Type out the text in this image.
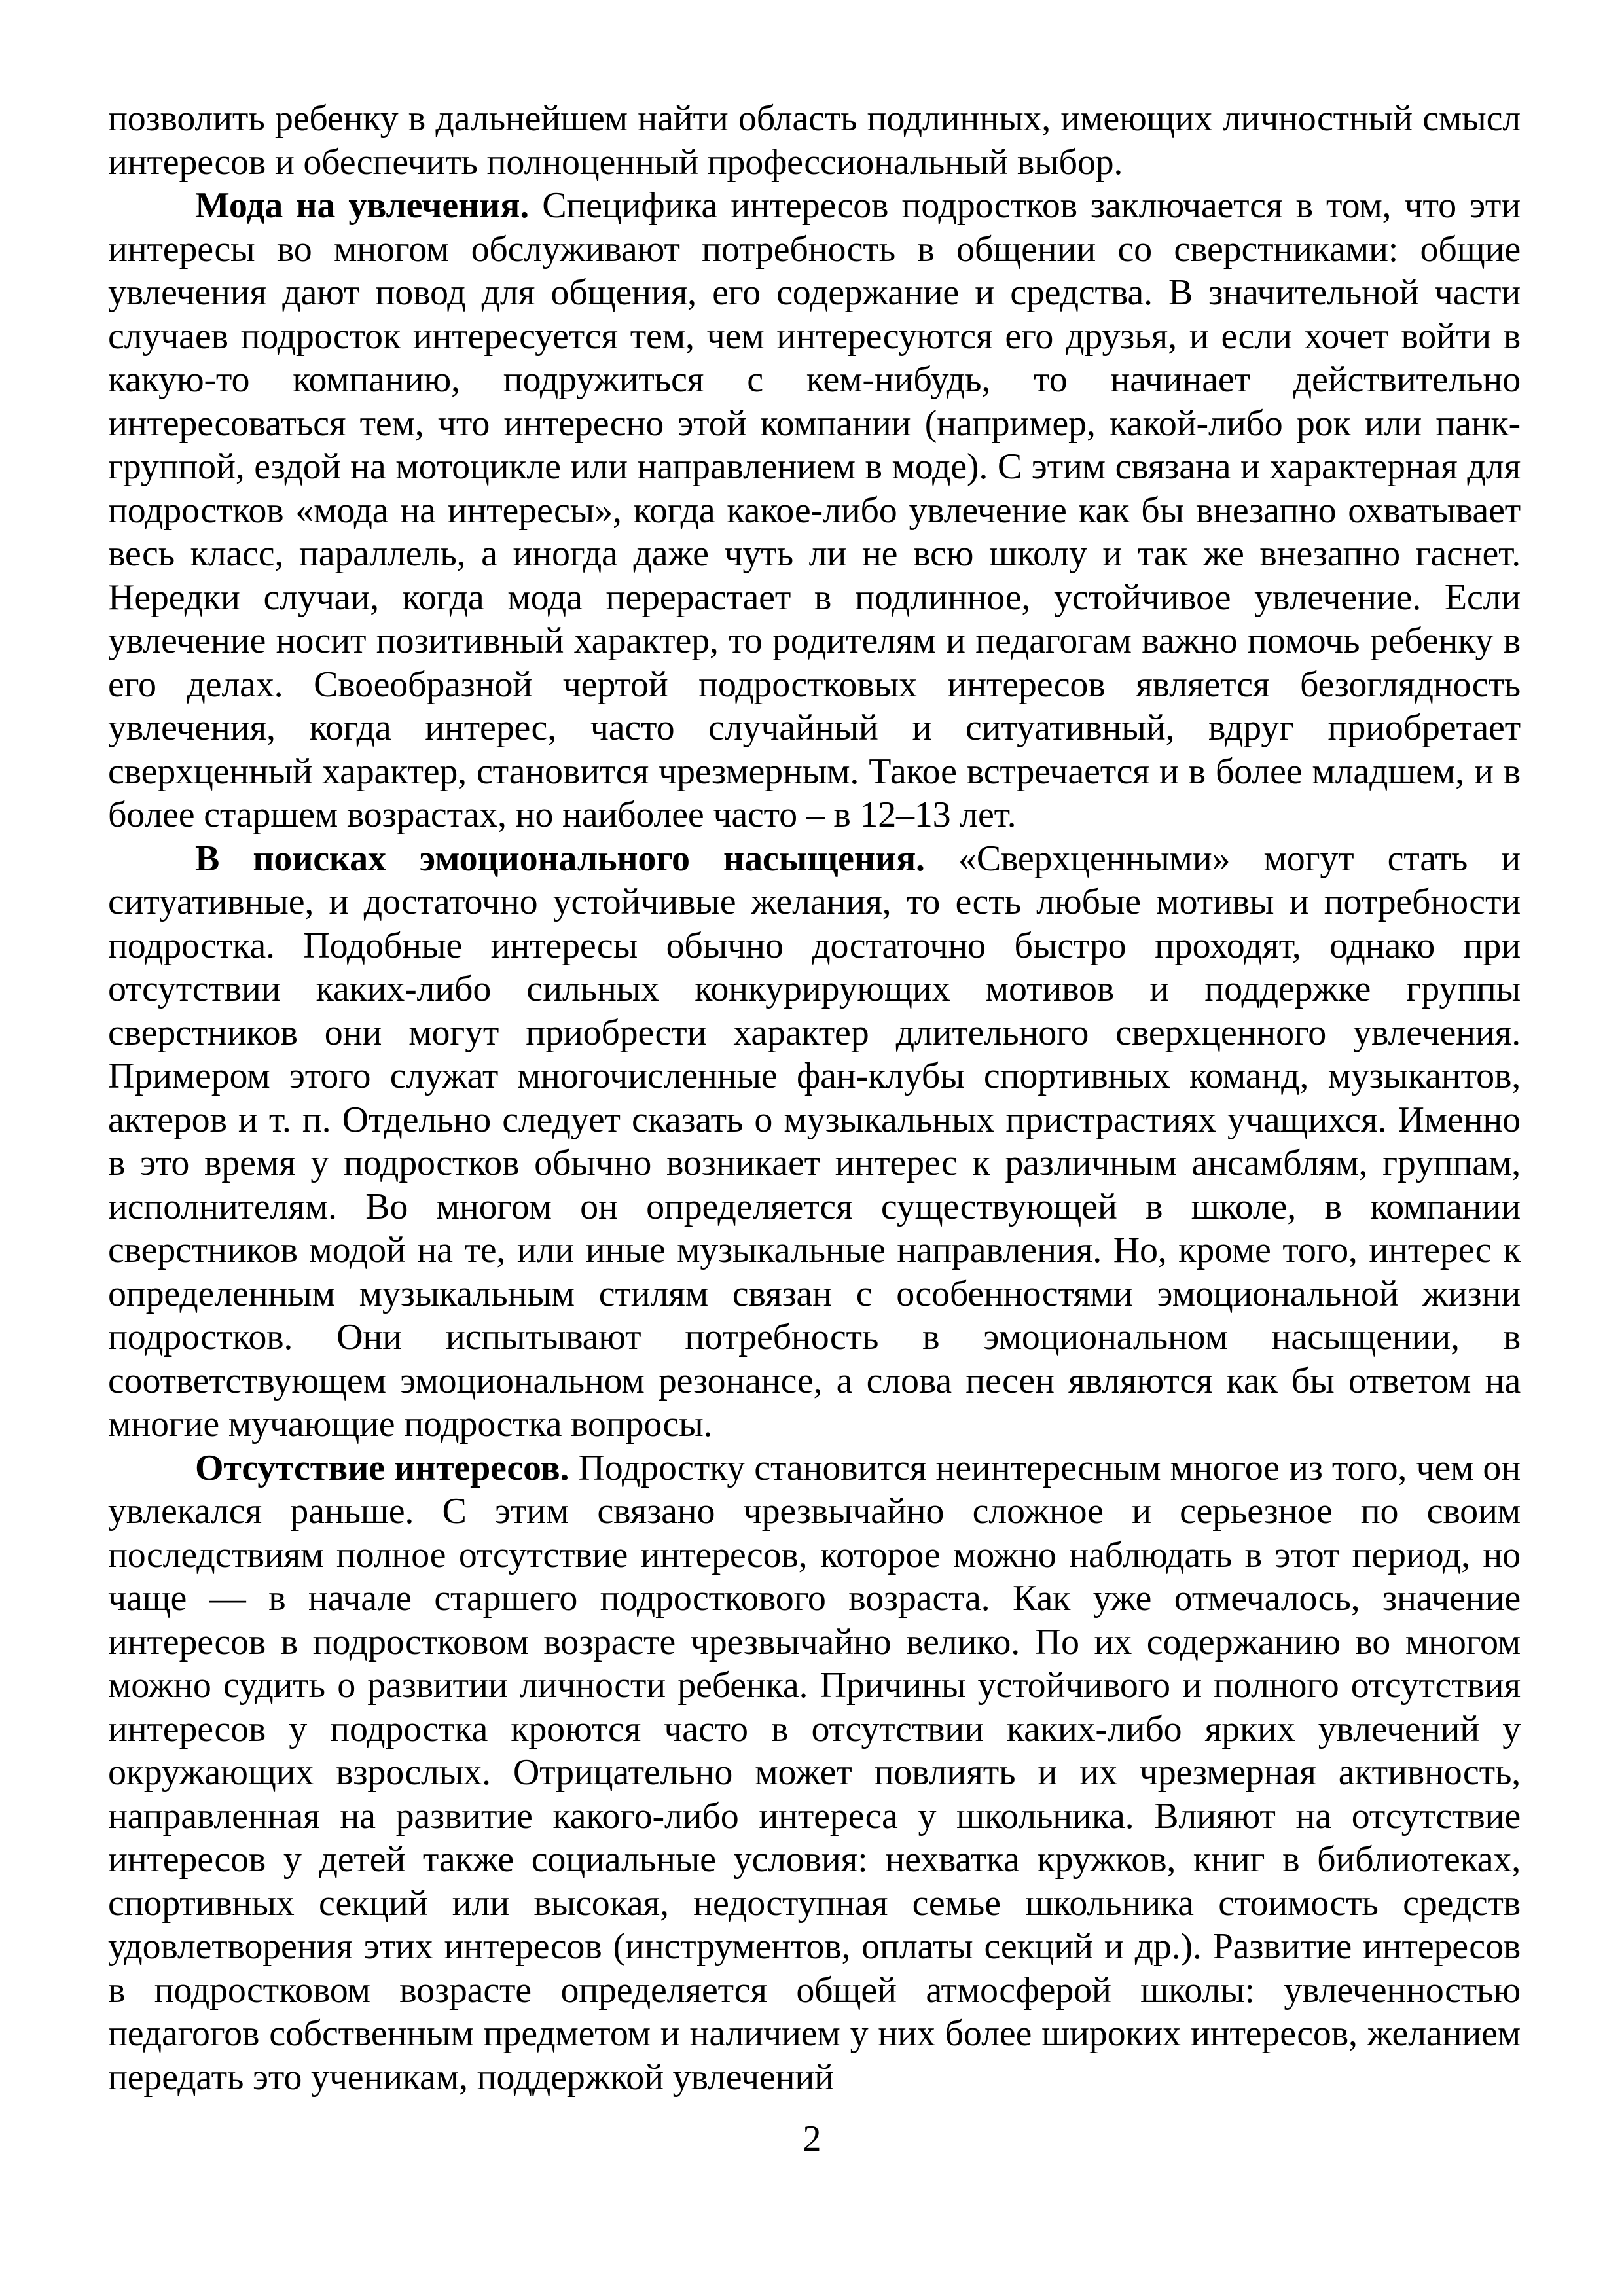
позволить ребенку в дальнейшем найти область подлинных, имеющих личностный смысл интересов и обеспечить полноценный профессиональный выбор.

Мода на увлечения. Специфика интересов подростков заключается в том, что эти интересы во многом обслуживают потребность в общении со сверстниками: общие увлечения дают повод для общения, его содержание и средства. В значительной части случаев подросток интересуется тем, чем интересуются его друзья, и если хочет войти в какую-то компанию, подружиться с кем-нибудь, то начинает действительно интересоваться тем, что интересно этой компании (например, какой-либо рок или панк-группой, ездой на мотоцикле или направлением в моде). С этим связана и характерная для подростков «мода на интересы», когда какое-либо увлечение как бы внезапно охватывает весь класс, параллель, а иногда даже чуть ли не всю школу и так же внезапно гаснет. Нередки случаи, когда мода перерастает в подлинное, устойчивое увлечение. Если увлечение носит позитивный характер, то родителям и педагогам важно помочь ребенку в его делах. Своеобразной чертой подростковых интересов является безоглядность увлечения, когда интерес, часто случайный и ситуативный, вдруг приобретает сверхценный характер, становится чрезмерным. Такое встречается и в более младшем, и в более старшем возрастах, но наиболее часто – в 12–13 лет.

В поисках эмоционального насыщения. «Сверхценными» могут стать и ситуативные, и достаточно устойчивые желания, то есть любые мотивы и потребности подростка. Подобные интересы обычно достаточно быстро проходят, однако при отсутствии каких-либо сильных конкурирующих мотивов и поддержке группы сверстников они могут приобрести характер длительного сверхценного увлечения. Примером этого служат многочисленные фан-клубы спортивных команд, музыкантов, актеров и т. п. Отдельно следует сказать о музыкальных пристрастиях учащихся. Именно в это время у подростков обычно возникает интерес к различным ансамблям, группам, исполнителям. Во многом он определяется существующей в школе, в компании сверстников модой на те, или иные музыкальные направления. Но, кроме того, интерес к определенным музыкальным стилям связан с особенностями эмоциональной жизни подростков. Они испытывают потребность в эмоциональном насыщении, в соответствующем эмоциональном резонансе, а слова песен являются как бы ответом на многие мучающие подростка вопросы.

Отсутствие интересов. Подростку становится неинтересным многое из того, чем он увлекался раньше. С этим связано чрезвычайно сложное и серьезное по своим последствиям полное отсутствие интересов, которое можно наблюдать в этот период, но чаще — в начале старшего подросткового возраста. Как уже отмечалось, значение интересов в подростковом возрасте чрезвычайно велико. По их содержанию во многом можно судить о развитии личности ребенка. Причины устойчивого и полного отсутствия интересов у подростка кроются часто в отсутствии каких-либо ярких увлечений у окружающих взрослых. Отрицательно может повлиять и их чрезмерная активность, направленная на развитие какого-либо интереса у школьника. Влияют на отсутствие интересов у детей также социальные условия: нехватка кружков, книг в библиотеках, спортивных секций или высокая, недоступная семье школьника стоимость средств удовлетворения этих интересов (инструментов, оплаты секций и др.). Развитие интересов в подростковом возрасте определяется общей атмосферой школы: увлеченностью педагогов собственным предметом и наличием у них более широких интересов, желанием передать это ученикам, поддержкой увлечений

2
